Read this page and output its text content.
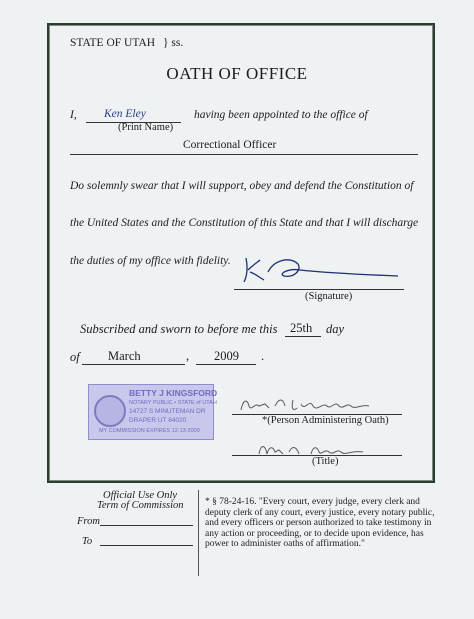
STATE OF UTAH } ss.
OATH OF OFFICE
I, Ken Eley	having been appointed to the office of
(Print Name)
Correctional Officer
Do solemnly swear that I will support, obey and defend the Constitution of
the United States and the Constitution of this State and that I will discharge
the duties of my office with fidelity.
(Signature)
Subscribed and sworn to before me this 25th day
of March	, 2009 .
BETTY J KINGSFORD
NOTARY PUBLIC • STATE of UTAH
14727 S MINUTEMAN DR
DRAPER UT 84020
MY COMMISSION EXPIRES 12-13-2009
*(Person Administering Oath)
(Title)
Official Use Only
Term of Commission
From
To
* § 78-24-16. "Every court, every judge, every clerk and deputy clerk of any court, every justice, every notary public, and every officers or person authorized to take testimony in any action or proceeding, or to decide upon evidence, has power to administer oaths of affirmation."
